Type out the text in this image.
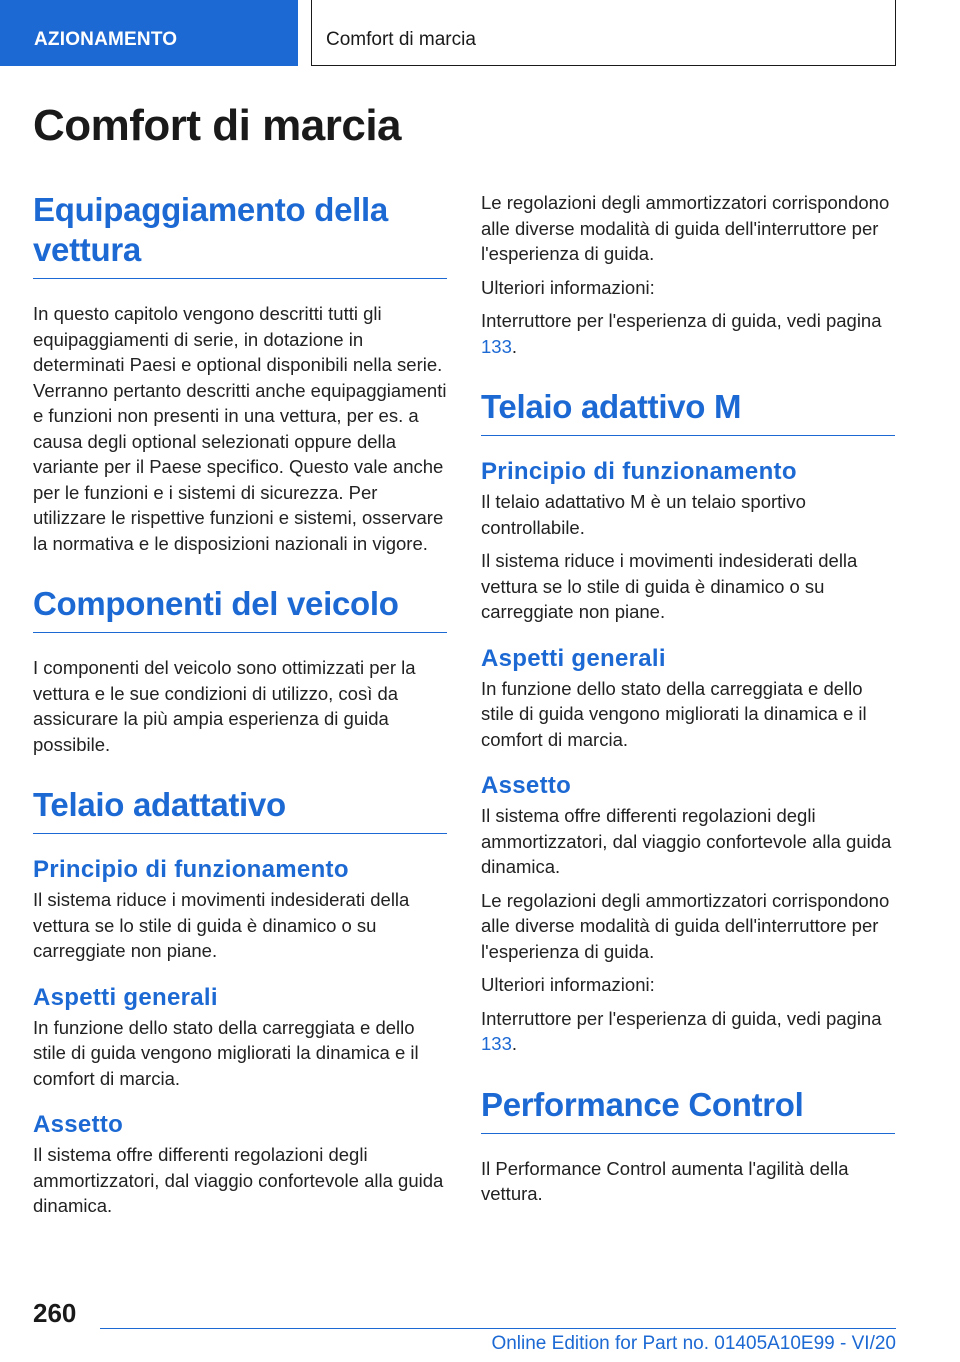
AZIONAMENTO	Comfort di marcia
Comfort di marcia
Equipaggiamento della vettura

In questo capitolo vengono descritti tutti gli equipaggiamenti di serie, in dotazione in determinati Paesi e optional disponibili nella serie. Verranno pertanto descritti anche equipaggiamenti e funzioni non presenti in una vettura, per es. a causa degli optional selezionati oppure della variante per il Paese specifico. Questo vale anche per le funzioni e i sistemi di sicurezza. Per utilizzare le rispettive funzioni e sistemi, osservare la normativa e le disposizioni nazionali in vigore.

Componenti del veicolo

I componenti del veicolo sono ottimizzati per la vettura e le sue condizioni di utilizzo, così da assicurare la più ampia esperienza di guida possibile.

Telaio adattativo
Principio di funzionamento

Il sistema riduce i movimenti indesiderati della vettura se lo stile di guida è dinamico o su carreggiate non piane.

Aspetti generali

In funzione dello stato della carreggiata e dello stile di guida vengono migliorati la dinamica e il comfort di marcia.

Assetto

Il sistema offre differenti regolazioni degli ammortizzatori, dal viaggio confortevole alla guida dinamica.

Le regolazioni degli ammortizzatori corrispondono alle diverse modalità di guida dell'interruttore per l'esperienza di guida.

Ulteriori informazioni:

Interruttore per l'esperienza di guida, vedi pagina 133.

Telaio adattivo M
Principio di funzionamento

Il telaio adattativo M è un telaio sportivo controllabile.

Il sistema riduce i movimenti indesiderati della vettura se lo stile di guida è dinamico o su carreggiate non piane.

Aspetti generali

In funzione dello stato della carreggiata e dello stile di guida vengono migliorati la dinamica e il comfort di marcia.

Assetto

Il sistema offre differenti regolazioni degli ammortizzatori, dal viaggio confortevole alla guida dinamica.

Le regolazioni degli ammortizzatori corrispondono alle diverse modalità di guida dell'interruttore per l'esperienza di guida.

Ulteriori informazioni:

Interruttore per l'esperienza di guida, vedi pagina 133.

Performance Control

Il Performance Control aumenta l'agilità della vettura.

260
Online Edition for Part no. 01405A10E99 - VI/20
